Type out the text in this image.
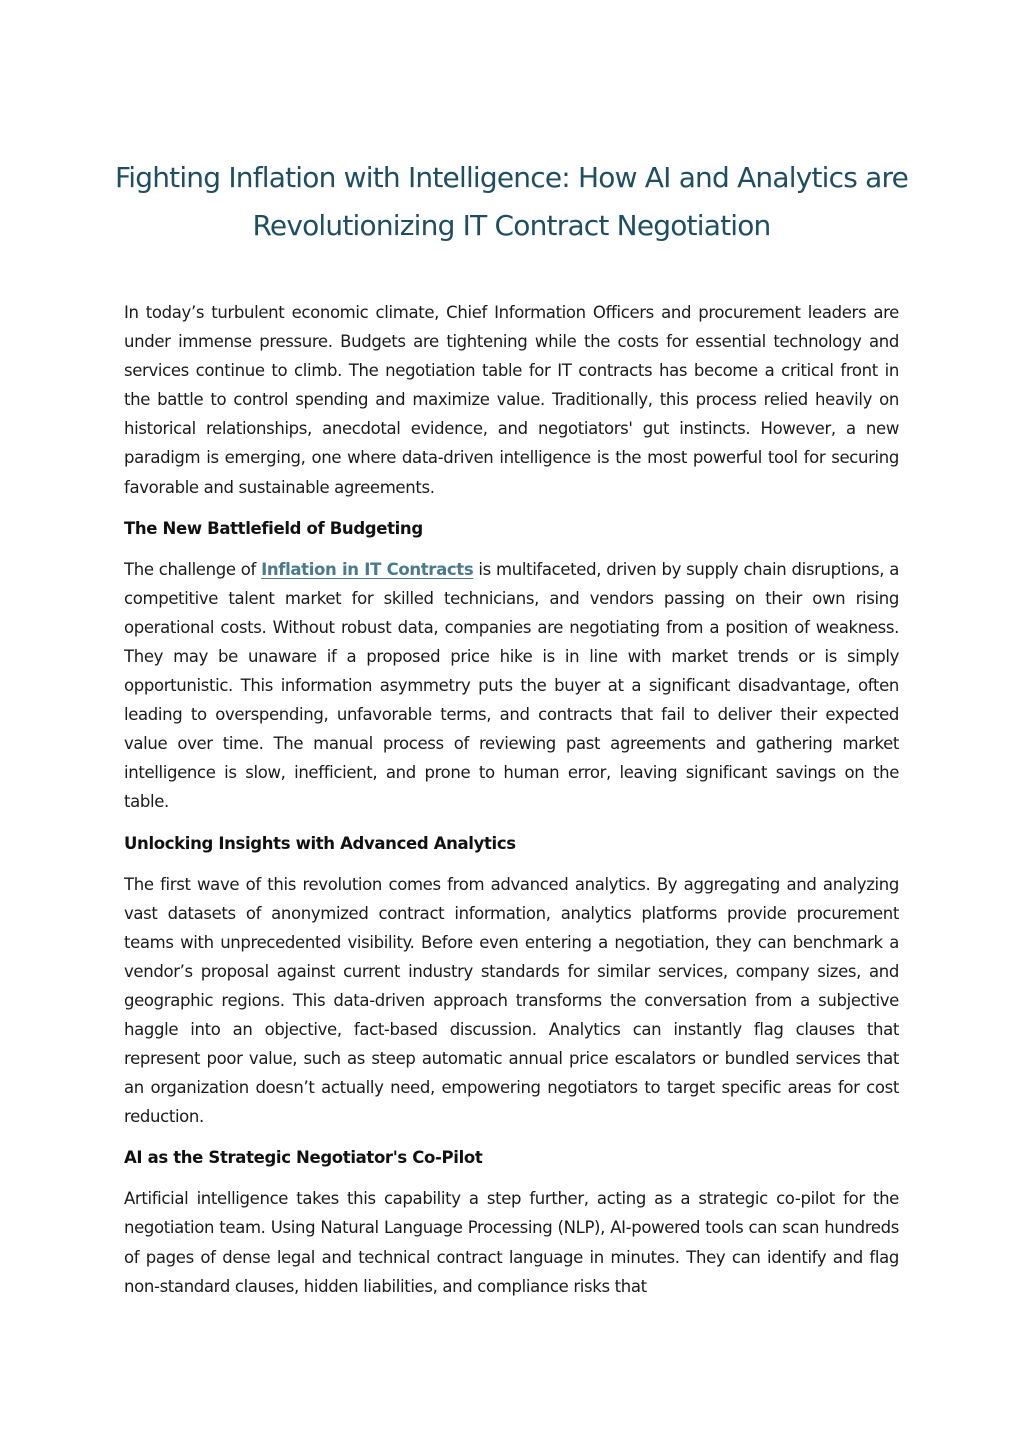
Fighting Inflation with Intelligence: How AI and Analytics are Revolutionizing IT Contract Negotiation

In today’s turbulent economic climate, Chief Information Officers and procurement leaders are under immense pressure. Budgets are tightening while the costs for essential technology and services continue to climb. The negotiation table for IT contracts has become a critical front in the battle to control spending and maximize value. Traditionally, this process relied heavily on historical relationships, anecdotal evidence, and negotiators' gut instincts. However, a new paradigm is emerging, one where data-driven intelligence is the most powerful tool for securing favorable and sustainable agreements.

The New Battlefield of Budgeting

The challenge of Inflation in IT Contracts is multifaceted, driven by supply chain disruptions, a competitive talent market for skilled technicians, and vendors passing on their own rising operational costs. Without robust data, companies are negotiating from a position of weakness. They may be unaware if a proposed price hike is in line with market trends or is simply opportunistic. This information asymmetry puts the buyer at a significant disadvantage, often leading to overspending, unfavorable terms, and contracts that fail to deliver their expected value over time. The manual process of reviewing past agreements and gathering market intelligence is slow, inefficient, and prone to human error, leaving significant savings on the table.

Unlocking Insights with Advanced Analytics

The first wave of this revolution comes from advanced analytics. By aggregating and analyzing vast datasets of anonymized contract information, analytics platforms provide procurement teams with unprecedented visibility. Before even entering a negotiation, they can benchmark a vendor’s proposal against current industry standards for similar services, company sizes, and geographic regions. This data-driven approach transforms the conversation from a subjective haggle into an objective, fact-based discussion. Analytics can instantly flag clauses that represent poor value, such as steep automatic annual price escalators or bundled services that an organization doesn’t actually need, empowering negotiators to target specific areas for cost reduction.

AI as the Strategic Negotiator's Co-Pilot

Artificial intelligence takes this capability a step further, acting as a strategic co-pilot for the negotiation team. Using Natural Language Processing (NLP), AI-powered tools can scan hundreds of pages of dense legal and technical contract language in minutes. They can identify and flag non-standard clauses, hidden liabilities, and compliance risks that
